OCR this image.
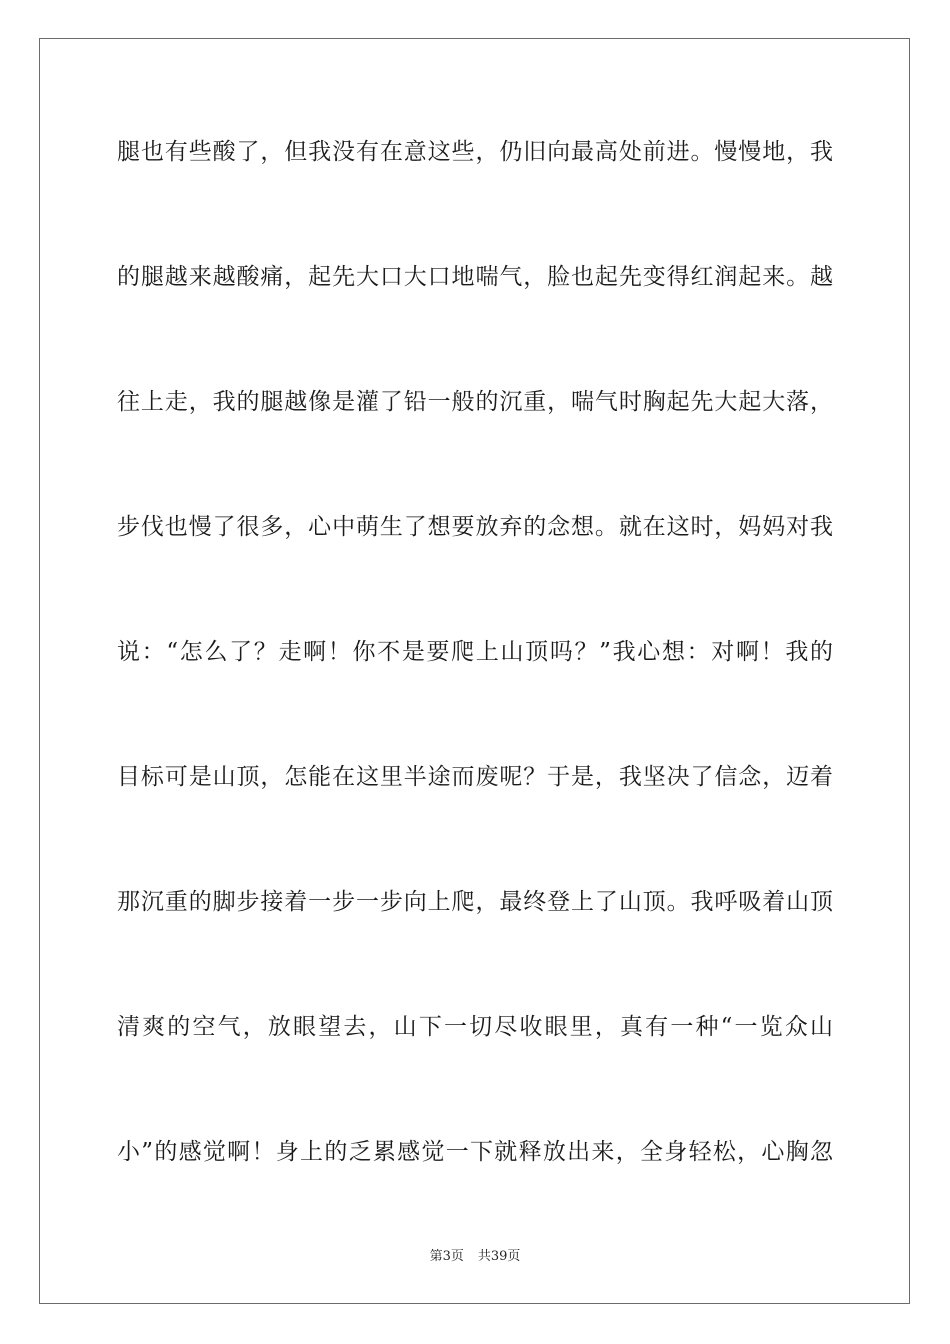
腿也有些酸了，但我没有在意这些，仍旧向最高处前进。慢慢地，我
的腿越来越酸痛，起先大口大口地喘气，脸也起先变得红润起来。越
往上走，我的腿越像是灌了铅一般的沉重，喘气时胸起先大起大落，
步伐也慢了很多，心中萌生了想要放弃的念想。就在这时，妈妈对我
说：“怎么了？走啊！你不是要爬上山顶吗？”我心想：对啊！我的
目标可是山顶，怎能在这里半途而废呢？于是，我坚决了信念，迈着
那沉重的脚步接着一步一步向上爬，最终登上了山顶。我呼吸着山顶
清爽的空气，放眼望去，山下一切尽收眼里，真有一种“一览众山
小”的感觉啊！身上的乏累感觉一下就释放出来，全身轻松，心胸忽
第3页 共39页
